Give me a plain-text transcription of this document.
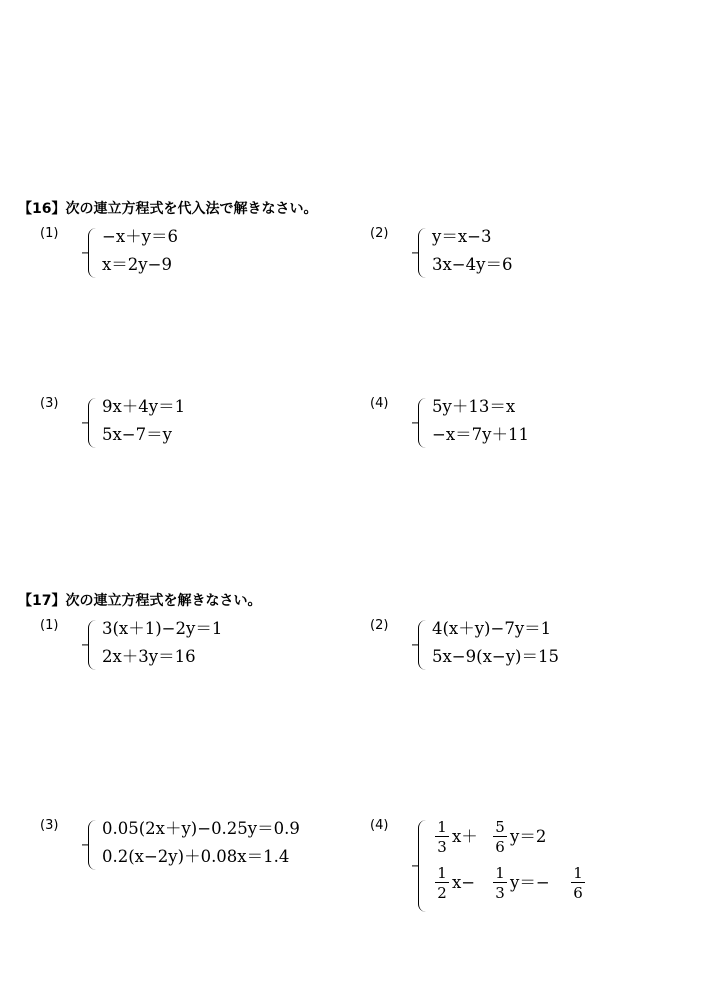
【16】次の連立方程式を代入法で解きなさい。
(1)	−x＋y＝6
x＝2y−9
(2)	y＝x−3
3x−4y＝6
(3)	9x＋4y＝1
5x−7＝y
(4)	5y＋13＝x
−x＝7y＋11
【17】次の連立方程式を解きなさい。
(1)	3(x＋1)−2y＝1
2x＋3y＝16
(2)	4(x＋y)−7y＝1
5x−9(x−y)＝15
(3)	0.05(2x＋y)−0.25y＝0.9
0.2(x−2y)＋0.08x＝1.4
(4)	1
3
x＋ 5
6
y＝2
1
2
x− 1
3
y＝− 1
6
